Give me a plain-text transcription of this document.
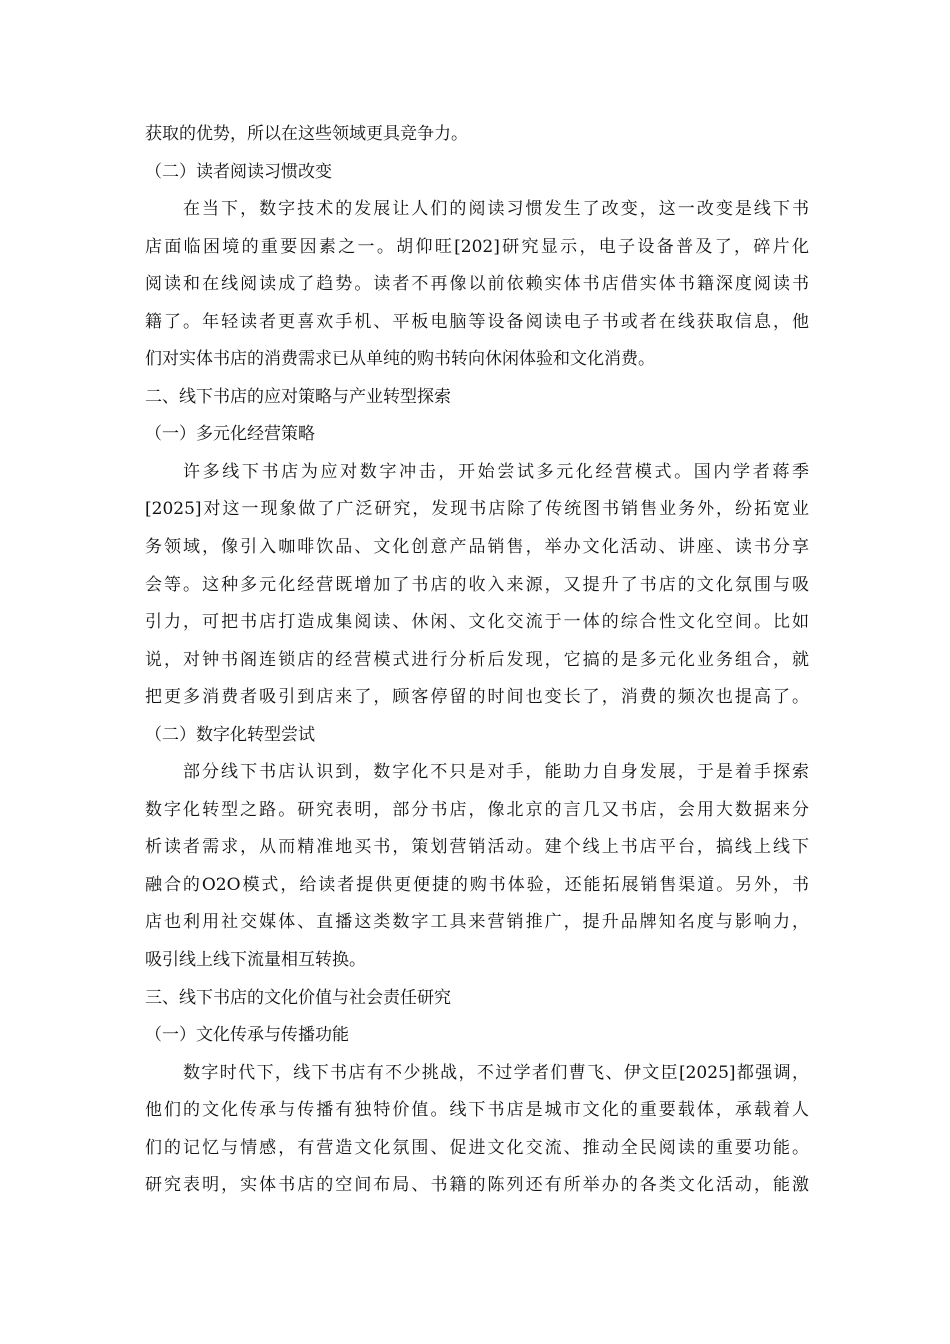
获取的优势，所以在这些领域更具竞争力。
（二）读者阅读习惯改变
在当下，数字技术的发展让人们的阅读习惯发生了改变，这一改变是线下书
店面临困境的重要因素之一。胡仰旺[202]研究显示，电子设备普及了，碎片化
阅读和在线阅读成了趋势。读者不再像以前依赖实体书店借实体书籍深度阅读书
籍了。年轻读者更喜欢手机、平板电脑等设备阅读电子书或者在线获取信息，他
们对实体书店的消费需求已从单纯的购书转向休闲体验和文化消费。
二、线下书店的应对策略与产业转型探索
（一）多元化经营策略
许多线下书店为应对数字冲击，开始尝试多元化经营模式。国内学者蒋季
[2025]对这一现象做了广泛研究，发现书店除了传统图书销售业务外，纷拓宽业
务领域，像引入咖啡饮品、文化创意产品销售，举办文化活动、讲座、读书分享
会等。这种多元化经营既增加了书店的收入来源，又提升了书店的文化氛围与吸
引力，可把书店打造成集阅读、休闲、文化交流于一体的综合性文化空间。比如
说，对钟书阁连锁店的经营模式进行分析后发现，它搞的是多元化业务组合，就
把更多消费者吸引到店来了，顾客停留的时间也变长了，消费的频次也提高了。
（二）数字化转型尝试
部分线下书店认识到，数字化不只是对手，能助力自身发展，于是着手探索
数字化转型之路。研究表明，部分书店，像北京的言几又书店，会用大数据来分
析读者需求，从而精准地买书，策划营销活动。建个线上书店平台，搞线上线下
融合的O2O模式，给读者提供更便捷的购书体验，还能拓展销售渠道。另外，书
店也利用社交媒体、直播这类数字工具来营销推广，提升品牌知名度与影响力，
吸引线上线下流量相互转换。
三、线下书店的文化价值与社会责任研究
（一）文化传承与传播功能
数字时代下，线下书店有不少挑战，不过学者们曹飞、伊文臣[2025]都强调，
他们的文化传承与传播有独特价值。线下书店是城市文化的重要载体，承载着人
们的记忆与情感，有营造文化氛围、促进文化交流、推动全民阅读的重要功能。
研究表明，实体书店的空间布局、书籍的陈列还有所举办的各类文化活动，能激
